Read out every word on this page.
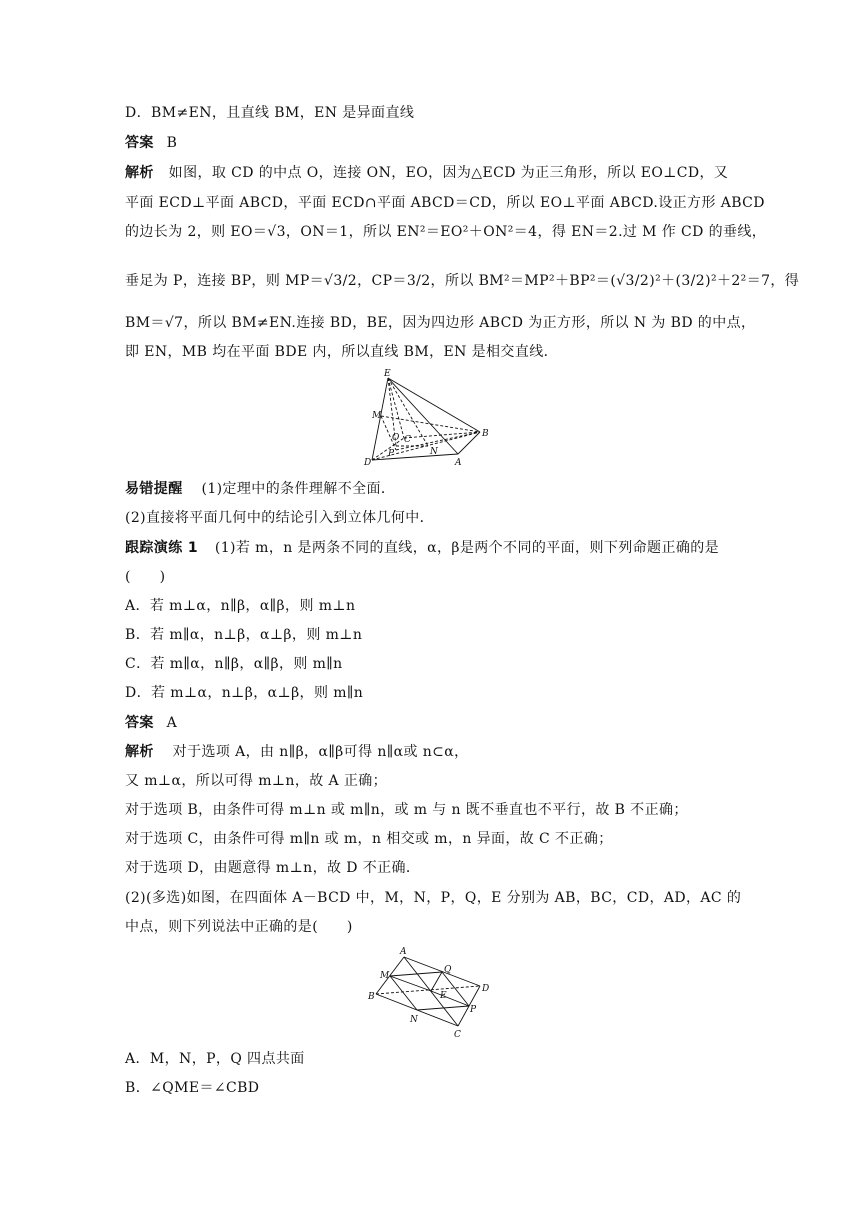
D．BM≠EN，且直线 BM，EN 是异面直线
答案 B
解析 如图，取 CD 的中点 O，连接 ON，EO，因为△ECD 为正三角形，所以 EO⊥CD，又
平面 ECD⊥平面 ABCD，平面 ECD∩平面 ABCD＝CD，所以 EO⊥平面 ABCD.设正方形 ABCD
的边长为 2，则 EO＝√3，ON＝1，所以 EN²＝EO²＋ON²＝4，得 EN＝2.过 M 作 CD 的垂线，
垂足为 P，连接 BP，则 MP＝√3/2，CP＝3/2，所以 BM²＝MP²＋BP²＝(√3/2)²＋(3/2)²＋2²＝7，得
BM＝√7，所以 BM≠EN.连接 BD，BE，因为四边形 ABCD 为正方形，所以 N 为 BD 的中点，
即 EN，MB 均在平面 BDE 内，所以直线 BM，EN 是相交直线．
E
M
O C
P	N
B
D	A
易错提醒 (1)定理中的条件理解不全面．
(2)直接将平面几何中的结论引入到立体几何中．
跟踪演练 1 (1)若 m，n 是两条不同的直线，α，β是两个不同的平面，则下列命题正确的是
(　　)
A．若 m⊥α，n∥β，α∥β，则 m⊥n
B．若 m∥α，n⊥β，α⊥β，则 m⊥n
C．若 m∥α，n∥β，α∥β，则 m∥n
D．若 m⊥α，n⊥β，α⊥β，则 m∥n
答案 A
解析 对于选项 A，由 n∥β，α∥β可得 n∥α或 n⊂α，
又 m⊥α，所以可得 m⊥n，故 A 正确；
对于选项 B，由条件可得 m⊥n 或 m∥n，或 m 与 n 既不垂直也不平行，故 B 不正确；
对于选项 C，由条件可得 m∥n 或 m，n 相交或 m，n 异面，故 C 不正确；
对于选项 D，由题意得 m⊥n，故 D 不正确．
(2)(多选)如图，在四面体 A－BCD 中，M，N，P，Q，E 分别为 AB，BC，CD，AD，AC 的
中点，则下列说法中正确的是(　　)
A
M
Q
E
D
B
P
N
C
A．M，N，P，Q 四点共面
B．∠QME＝∠CBD
